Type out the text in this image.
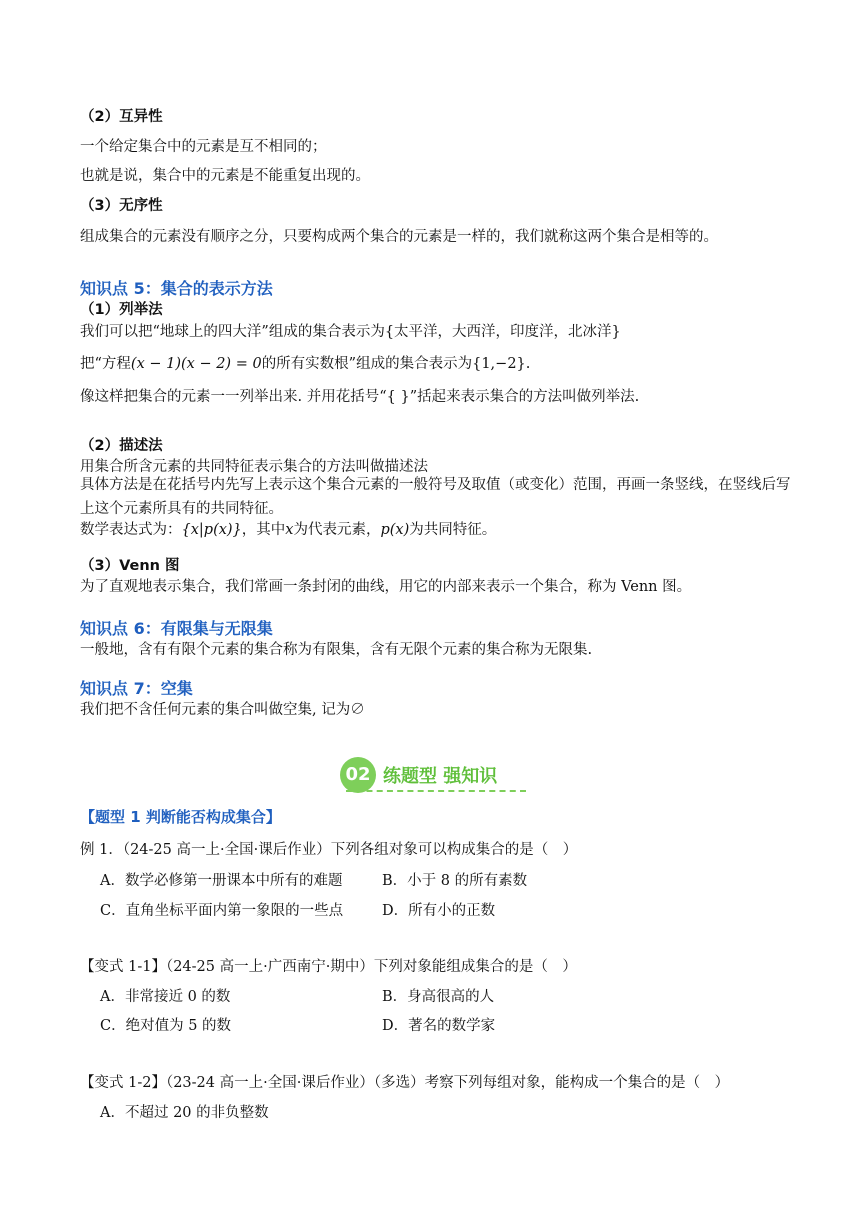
（2）互异性
一个给定集合中的元素是互不相同的；
也就是说，集合中的元素是不能重复出现的。
（3）无序性
组成集合的元素没有顺序之分，只要构成两个集合的元素是一样的，我们就称这两个集合是相等的。
知识点 5：集合的表示方法
（1）列举法
我们可以把“地球上的四大洋”组成的集合表示为{太平洋，大西洋，印度洋，北冰洋}
把“方程(x − 1)(x − 2) = 0的所有实数根”组成的集合表示为{1,−2}.
像这样把集合的元素一一列举出来. 并用花括号“{ }”括起来表示集合的方法叫做列举法.
（2）描述法
用集合所含元素的共同特征表示集合的方法叫做描述法
具体方法是在花括号内先写上表示这个集合元素的一般符号及取值（或变化）范围，再画一条竖线，在竖线后写上这个元素所具有的共同特征。
数学表达式为：{x|p(x)}，其中x为代表元素，p(x)为共同特征。
（3）Venn 图
为了直观地表示集合，我们常画一条封闭的曲线，用它的内部来表示一个集合，称为 Venn 图。
知识点 6：有限集与无限集
一般地，含有有限个元素的集合称为有限集，含有无限个元素的集合称为无限集.
知识点 7：空集
我们把不含任何元素的集合叫做空集, 记为∅
02 练题型 强知识
【题型 1 判断能否构成集合】
例 1．（24-25 高一上·全国·课后作业）下列各组对象可以构成集合的是（　）
A．数学必修第一册课本中所有的难题	B．小于 8 的所有素数
C．直角坐标平面内第一象限的一些点	D．所有小的正数
【变式 1-1】（24-25 高一上·广西南宁·期中）下列对象能组成集合的是（　）
A．非常接近 0 的数	B．身高很高的人
C．绝对值为 5 的数	D．著名的数学家
【变式 1-2】（23-24 高一上·全国·课后作业）（多选）考察下列每组对象，能构成一个集合的是（　）
A．不超过 20 的非负整数
